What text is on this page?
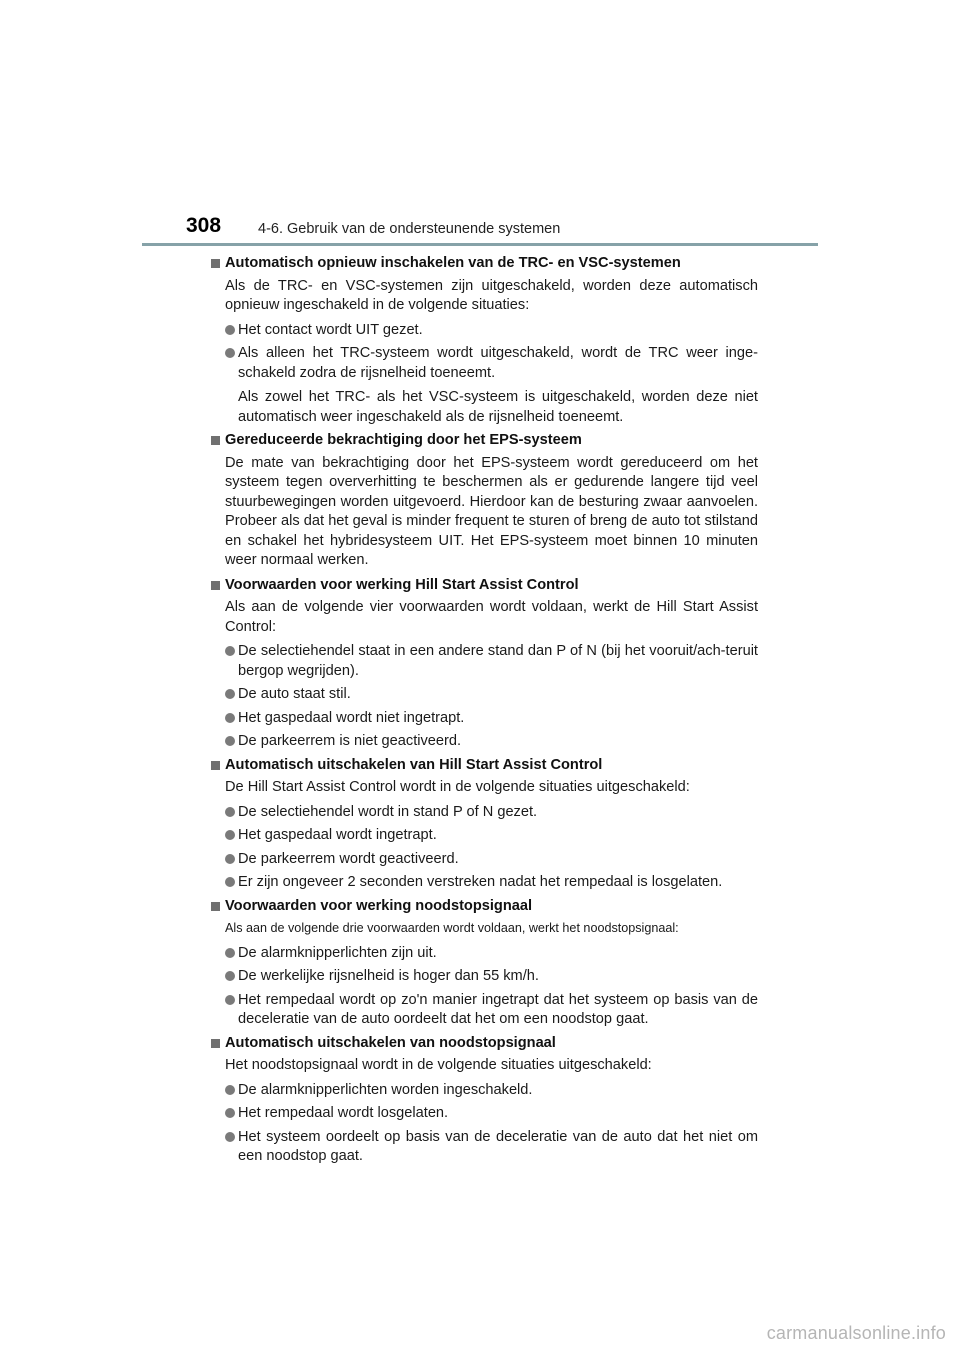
308	4-6. Gebruik van de ondersteunende systemen
Automatisch opnieuw inschakelen van de TRC- en VSC-systemen
Als de TRC- en VSC-systemen zijn uitgeschakeld, worden deze automatisch opnieuw ingeschakeld in de volgende situaties:
Het contact wordt UIT gezet.
Als alleen het TRC-systeem wordt uitgeschakeld, wordt de TRC weer inge-schakeld zodra de rijsnelheid toeneemt.
Als zowel het TRC- als het VSC-systeem is uitgeschakeld, worden deze niet automatisch weer ingeschakeld als de rijsnelheid toeneemt.
Gereduceerde bekrachtiging door het EPS-systeem
De mate van bekrachtiging door het EPS-systeem wordt gereduceerd om het systeem tegen oververhitting te beschermen als er gedurende langere tijd veel stuurbewegingen worden uitgevoerd. Hierdoor kan de besturing zwaar aanvoelen. Probeer als dat het geval is minder frequent te sturen of breng de auto tot stilstand en schakel het hybridesysteem UIT. Het EPS-systeem moet binnen 10 minuten weer normaal werken.
Voorwaarden voor werking Hill Start Assist Control
Als aan de volgende vier voorwaarden wordt voldaan, werkt de Hill Start Assist Control:
De selectiehendel staat in een andere stand dan P of N (bij het vooruit/ach-teruit bergop wegrijden).
De auto staat stil.
Het gaspedaal wordt niet ingetrapt.
De parkeerrem is niet geactiveerd.
Automatisch uitschakelen van Hill Start Assist Control
De Hill Start Assist Control wordt in de volgende situaties uitgeschakeld:
De selectiehendel wordt in stand P of N gezet.
Het gaspedaal wordt ingetrapt.
De parkeerrem wordt geactiveerd.
Er zijn ongeveer 2 seconden verstreken nadat het rempedaal is losgelaten.
Voorwaarden voor werking noodstopsignaal
Als aan de volgende drie voorwaarden wordt voldaan, werkt het noodstopsignaal:
De alarmknipperlichten zijn uit.
De werkelijke rijsnelheid is hoger dan 55 km/h.
Het rempedaal wordt op zo'n manier ingetrapt dat het systeem op basis van de deceleratie van de auto oordeelt dat het om een noodstop gaat.
Automatisch uitschakelen van noodstopsignaal
Het noodstopsignaal wordt in de volgende situaties uitgeschakeld:
De alarmknipperlichten worden ingeschakeld.
Het rempedaal wordt losgelaten.
Het systeem oordeelt op basis van de deceleratie van de auto dat het niet om een noodstop gaat.
carmanualsonline.info
